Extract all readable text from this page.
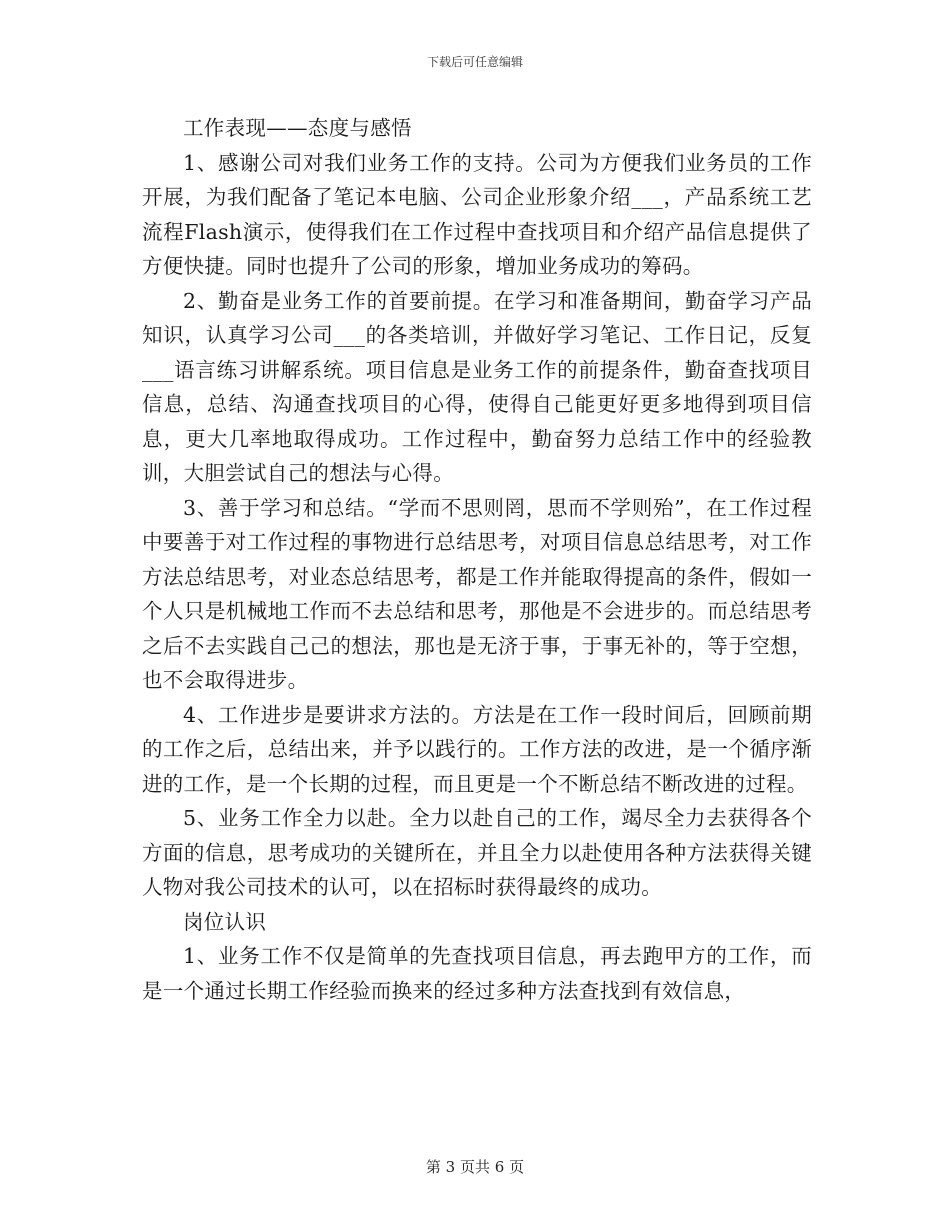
下载后可任意编辑

工作表现——态度与感悟

1、感谢公司对我们业务工作的支持。公司为方便我们业务员的工作开展，为我们配备了笔记本电脑、公司企业形象介绍___，产品系统工艺流程Flash演示，使得我们在工作过程中查找项目和介绍产品信息提供了方便快捷。同时也提升了公司的形象，增加业务成功的筹码。

2、勤奋是业务工作的首要前提。在学习和准备期间，勤奋学习产品知识，认真学习公司___的各类培训，并做好学习笔记、工作日记，反复___语言练习讲解系统。项目信息是业务工作的前提条件，勤奋查找项目信息，总结、沟通查找项目的心得，使得自己能更好更多地得到项目信息，更大几率地取得成功。工作过程中，勤奋努力总结工作中的经验教训，大胆尝试自己的想法与心得。

3、善于学习和总结。“学而不思则罔，思而不学则殆”，在工作过程中要善于对工作过程的事物进行总结思考，对项目信息总结思考，对工作方法总结思考，对业态总结思考，都是工作并能取得提高的条件，假如一个人只是机械地工作而不去总结和思考，那他是不会进步的。而总结思考之后不去实践自己己的想法，那也是无济于事，于事无补的，等于空想，也不会取得进步。

4、工作进步是要讲求方法的。方法是在工作一段时间后，回顾前期的工作之后，总结出来，并予以践行的。工作方法的改进，是一个循序渐进的工作，是一个长期的过程，而且更是一个不断总结不断改进的过程。

5、业务工作全力以赴。全力以赴自己的工作，竭尽全力去获得各个方面的信息，思考成功的关键所在，并且全力以赴使用各种方法获得关键人物对我公司技术的认可，以在招标时获得最终的成功。

岗位认识

1、业务工作不仅是简单的先查找项目信息，再去跑甲方的工作，而是一个通过长期工作经验而换来的经过多种方法查找到有效信息，

第 3 页共 6 页
